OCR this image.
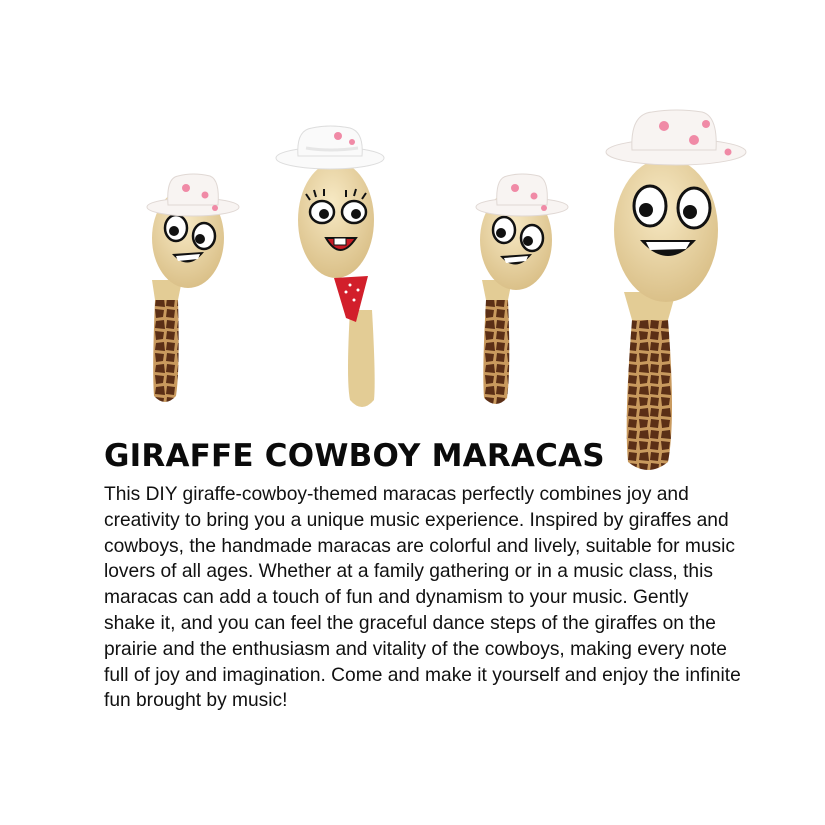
GIRAFFE COWBOY MARACAS

This DIY giraffe-cowboy-themed maracas perfectly combines joy and creativity to bring you a unique music experience. Inspired by giraffes and cowboys, the handmade maracas are colorful and lively, suitable for music lovers of all ages. Whether at a family gathering or in a music class, this maracas can add a touch of fun and dynamism to your music. Gently shake it, and you can feel the graceful dance steps of the giraffes on the prairie and the enthusiasm and vitality of the cowboys, making every note full of joy and imagination. Come and make it yourself and enjoy the infinite fun brought by music!
